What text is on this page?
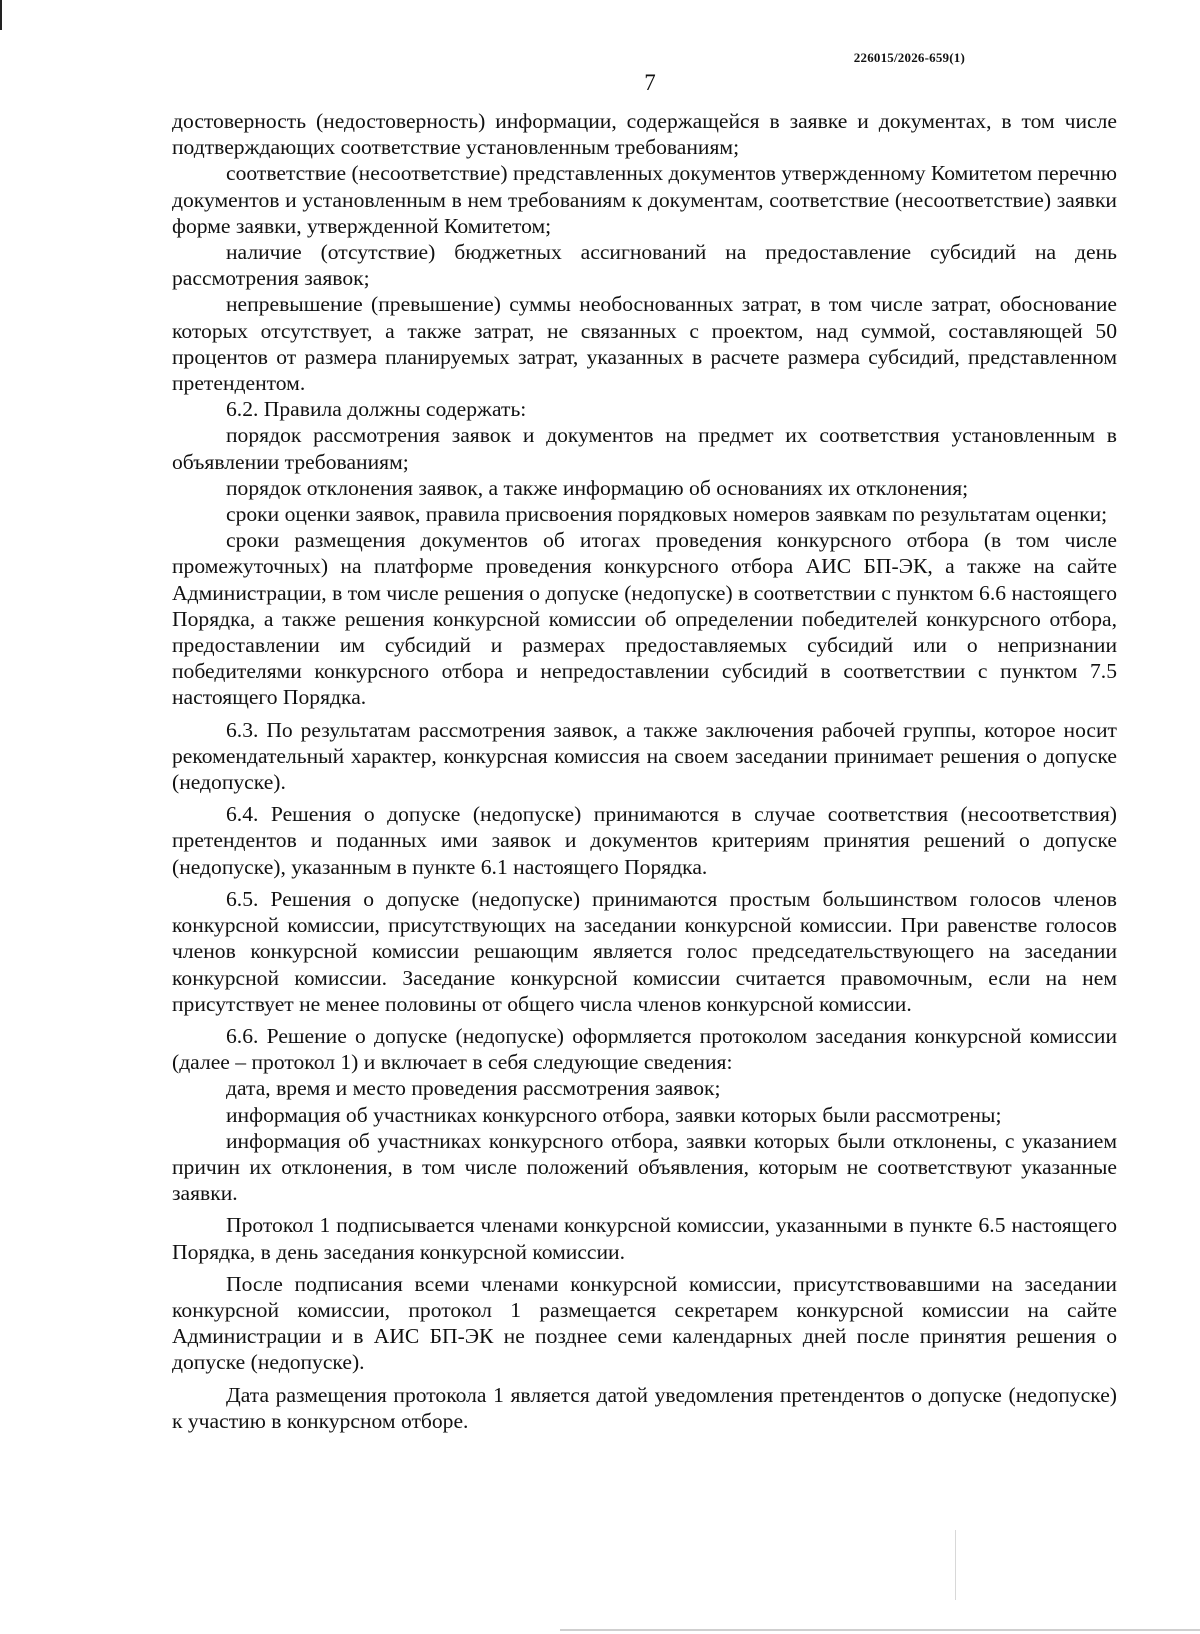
226015/2026-659(1)
7

достоверность (недостоверность) информации, содержащейся в заявке и документах, в том числе подтверждающих соответствие установленным требованиям;

соответствие (несоответствие) представленных документов утвержденному Комитетом перечню документов и установленным в нем требованиям к документам, соответствие (несоответствие) заявки форме заявки, утвержденной Комитетом;

наличие (отсутствие) бюджетных ассигнований на предоставление субсидий на день рассмотрения заявок;

непревышение (превышение) суммы необоснованных затрат, в том числе затрат, обоснование которых отсутствует, а также затрат, не связанных с проектом, над суммой, составляющей 50 процентов от размера планируемых затрат, указанных в расчете размера субсидий, представленном претендентом.

6.2. Правила должны содержать:

порядок рассмотрения заявок и документов на предмет их соответствия установленным в объявлении требованиям;

порядок отклонения заявок, а также информацию об основаниях их отклонения;

сроки оценки заявок, правила присвоения порядковых номеров заявкам по результатам оценки;

сроки размещения документов об итогах проведения конкурсного отбора (в том числе промежуточных) на платформе проведения конкурсного отбора АИС БП-ЭК, а также на сайте Администрации, в том числе решения о допуске (недопуске) в соответствии с пунктом 6.6 настоящего Порядка, а также решения конкурсной комиссии об определении победителей конкурсного отбора, предоставлении им субсидий и размерах предоставляемых субсидий или о непризнании победителями конкурсного отбора и непредоставлении субсидий в соответствии с пунктом 7.5 настоящего Порядка.

6.3. По результатам рассмотрения заявок, а также заключения рабочей группы, которое носит рекомендательный характер, конкурсная комиссия на своем заседании принимает решения о допуске (недопуске).

6.4. Решения о допуске (недопуске) принимаются в случае соответствия (несоответствия) претендентов и поданных ими заявок и документов критериям принятия решений о допуске (недопуске), указанным в пункте 6.1 настоящего Порядка.

6.5. Решения о допуске (недопуске) принимаются простым большинством голосов членов конкурсной комиссии, присутствующих на заседании конкурсной комиссии. При равенстве голосов членов конкурсной комиссии решающим является голос председательствующего на заседании конкурсной комиссии. Заседание конкурсной комиссии считается правомочным, если на нем присутствует не менее половины от общего числа членов конкурсной комиссии.

6.6. Решение о допуске (недопуске) оформляется протоколом заседания конкурсной комиссии (далее – протокол 1) и включает в себя следующие сведения:

дата, время и место проведения рассмотрения заявок;

информация об участниках конкурсного отбора, заявки которых были рассмотрены;

информация об участниках конкурсного отбора, заявки которых были отклонены, с указанием причин их отклонения, в том числе положений объявления, которым не соответствуют указанные заявки.

Протокол 1 подписывается членами конкурсной комиссии, указанными в пункте 6.5 настоящего Порядка, в день заседания конкурсной комиссии.

После подписания всеми членами конкурсной комиссии, присутствовавшими на заседании конкурсной комиссии, протокол 1 размещается секретарем конкурсной комиссии на сайте Администрации и в АИС БП-ЭК не позднее семи календарных дней после принятия решения о допуске (недопуске).

Дата размещения протокола 1 является датой уведомления претендентов о допуске (недопуске) к участию в конкурсном отборе.
